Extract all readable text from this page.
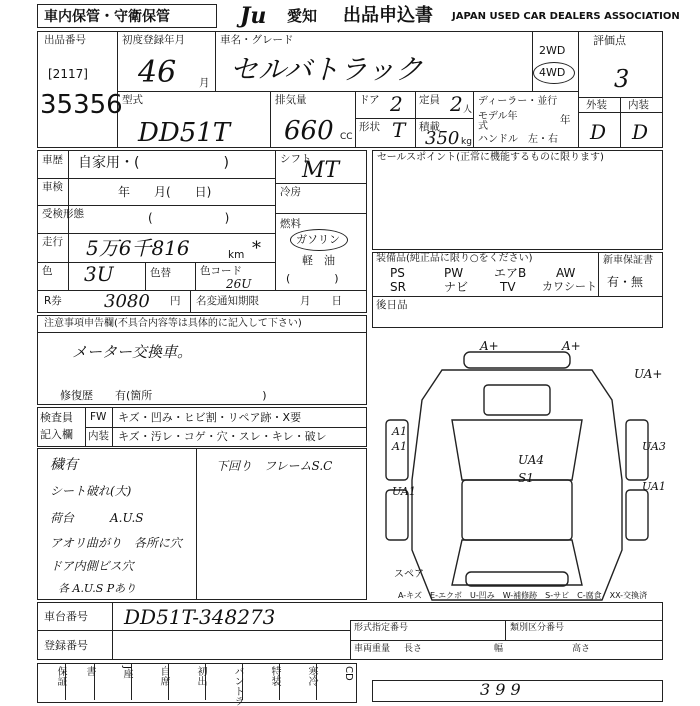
車内保管・守衛保管	Ju 愛知 出品申込書 JAPAN USED CAR DEALERS ASSOCIATION
出品番号
[2117]
35356
初度登録年月
46 月
車名・グレード
セルバトラック
2WD
4WD
評価点
3
型式
DD51T
排気量
660 CC
ドア 2 定員 2 人
形状 T 積載
350 kg
ディーラー・並行
モデル年式
年
ハンドル　左・右
外装 内装
D D
車歴 自家用・(　　　　　　)
車検	年　　月(　　日)
受検形態	(　　　　　　)
走行 5万6千816	km *
色 3U	色替	色コード
26U
シフト
MT
冷房
燃料
ガソリン
軽　油
(　　　　)
R券 3080 円 名変通知期限	月　　日
セールスポイント(正常に機能するものに限ります)
装備品(純正品に限り○をください)
PS	PW	エアB AW
SR	ナビ	TV カワシート
新車保証書
有・無
後日品
注意事項申告欄(不具合内容等は具体的に記入して下さい)
メーター交換車。
修復歴　　有(箇所　　　　　　　　　　)
検査員
記入欄
FW キズ・凹み・ヒビ割・リペア跡・X要
内装 キズ・汚レ・コゲ・穴・スレ・キレ・破レ
穢有
シート破れ(大)
荷台　　　A.U.S
アオリ曲がり　各所に穴
ドア内側ビス穴
各 A.U.S Pあり
下回り　フレームS.C
スペア
A-キズ　E-エクボ　U-凹み　W-補修跡　S-サビ　C-腐食　XX-交換済
A+	A+
UA+
A1
UA3
A1
UA1
UA4
S1
UA1
車台番号 DD51T-348273
登録番号
形式指定番号	類別区分番号
車両重量 長さ	幅	高さ
保証	書	J座	自席	初出	バントラ	特装	寒冷	CD
3 9 9
